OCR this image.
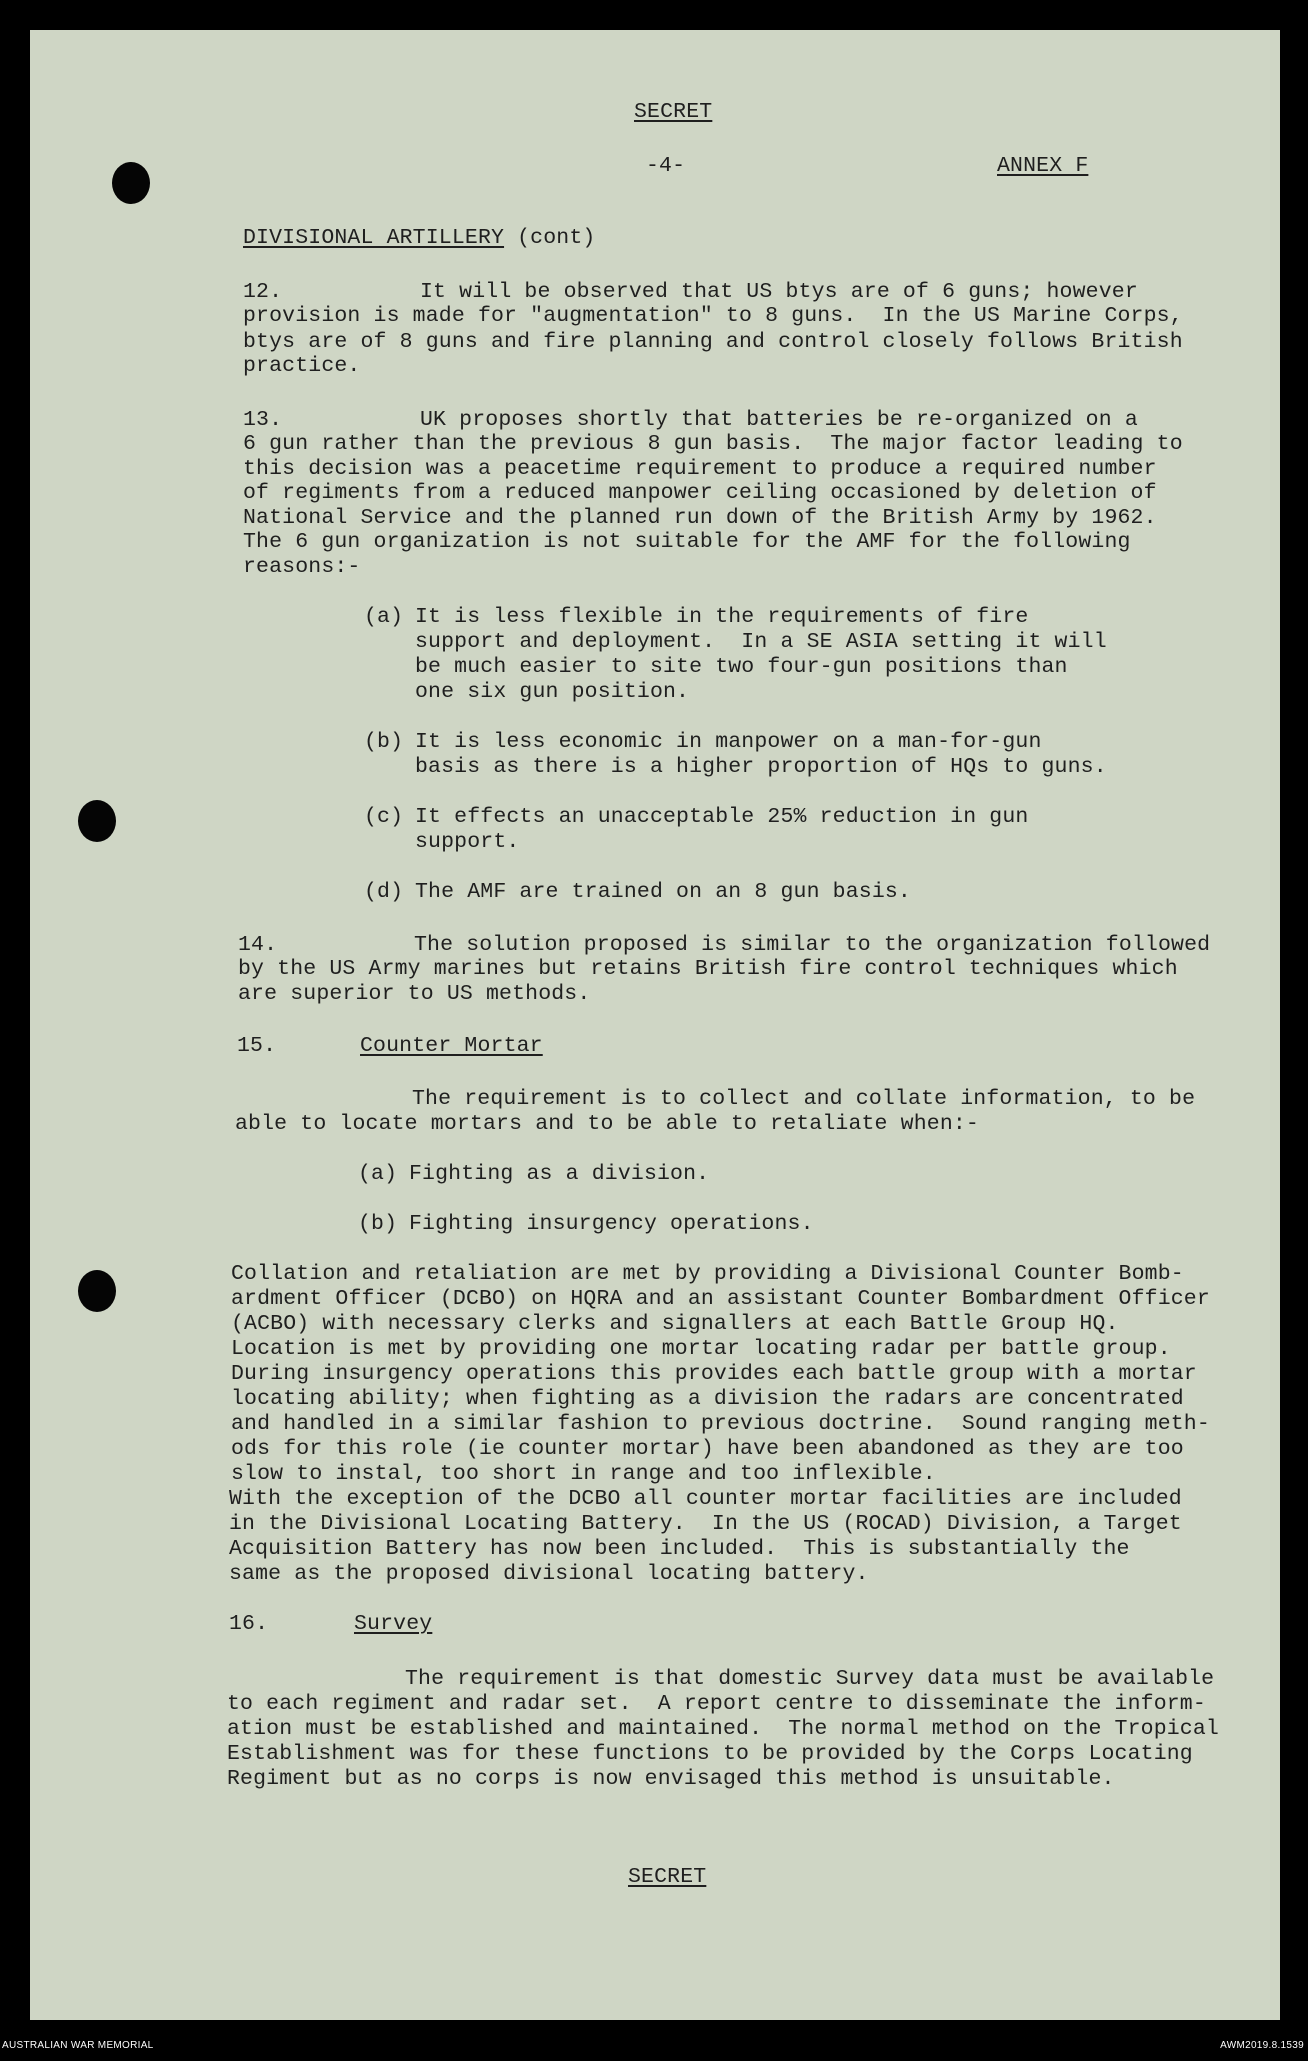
SECRET
-4-	ANNEX F
DIVISIONAL ARTILLERY (cont)
12.	It will be observed that US btys are of 6 guns; however
provision is made for "augmentation" to 8 guns.  In the US Marine Corps,
btys are of 8 guns and fire planning and control closely follows British
practice.
13.	UK proposes shortly that batteries be re-organized on a
6 gun rather than the previous 8 gun basis.  The major factor leading to
this decision was a peacetime requirement to produce a required number
of regiments from a reduced manpower ceiling occasioned by deletion of
National Service and the planned run down of the British Army by 1962.
The 6 gun organization is not suitable for the AMF for the following
reasons:-
(a) It is less flexible in the requirements of fire
support and deployment.  In a SE ASIA setting it will
be much easier to site two four-gun positions than
one six gun position.
(b) It is less economic in manpower on a man-for-gun
basis as there is a higher proportion of HQs to guns.
(c) It effects an unacceptable 25% reduction in gun
support.
(d) The AMF are trained on an 8 gun basis.
14.	The solution proposed is similar to the organization followed
by the US Army marines but retains British fire control techniques which
are superior to US methods.
15.	Counter Mortar
The requirement is to collect and collate information, to be
able to locate mortars and to be able to retaliate when:-
(a) Fighting as a division.
(b) Fighting insurgency operations.
Collation and retaliation are met by providing a Divisional Counter Bomb-
ardment Officer (DCBO) on HQRA and an assistant Counter Bombardment Officer
(ACBO) with necessary clerks and signallers at each Battle Group HQ.
Location is met by providing one mortar locating radar per battle group.
During insurgency operations this provides each battle group with a mortar
locating ability; when fighting as a division the radars are concentrated
and handled in a similar fashion to previous doctrine.  Sound ranging meth-
ods for this role (ie counter mortar) have been abandoned as they are too
slow to instal, too short in range and too inflexible.
With the exception of the DCBO all counter mortar facilities are included
in the Divisional Locating Battery.  In the US (ROCAD) Division, a Target
Acquisition Battery has now been included.  This is substantially the
same as the proposed divisional locating battery.
16.	Survey
The requirement is that domestic Survey data must be available
to each regiment and radar set.  A report centre to disseminate the inform-
ation must be established and maintained.  The normal method on the Tropical
Establishment was for these functions to be provided by the Corps Locating
Regiment but as no corps is now envisaged this method is unsuitable.
SECRET
AUSTRALIAN WAR MEMORIAL	AWM2019.8.1539
